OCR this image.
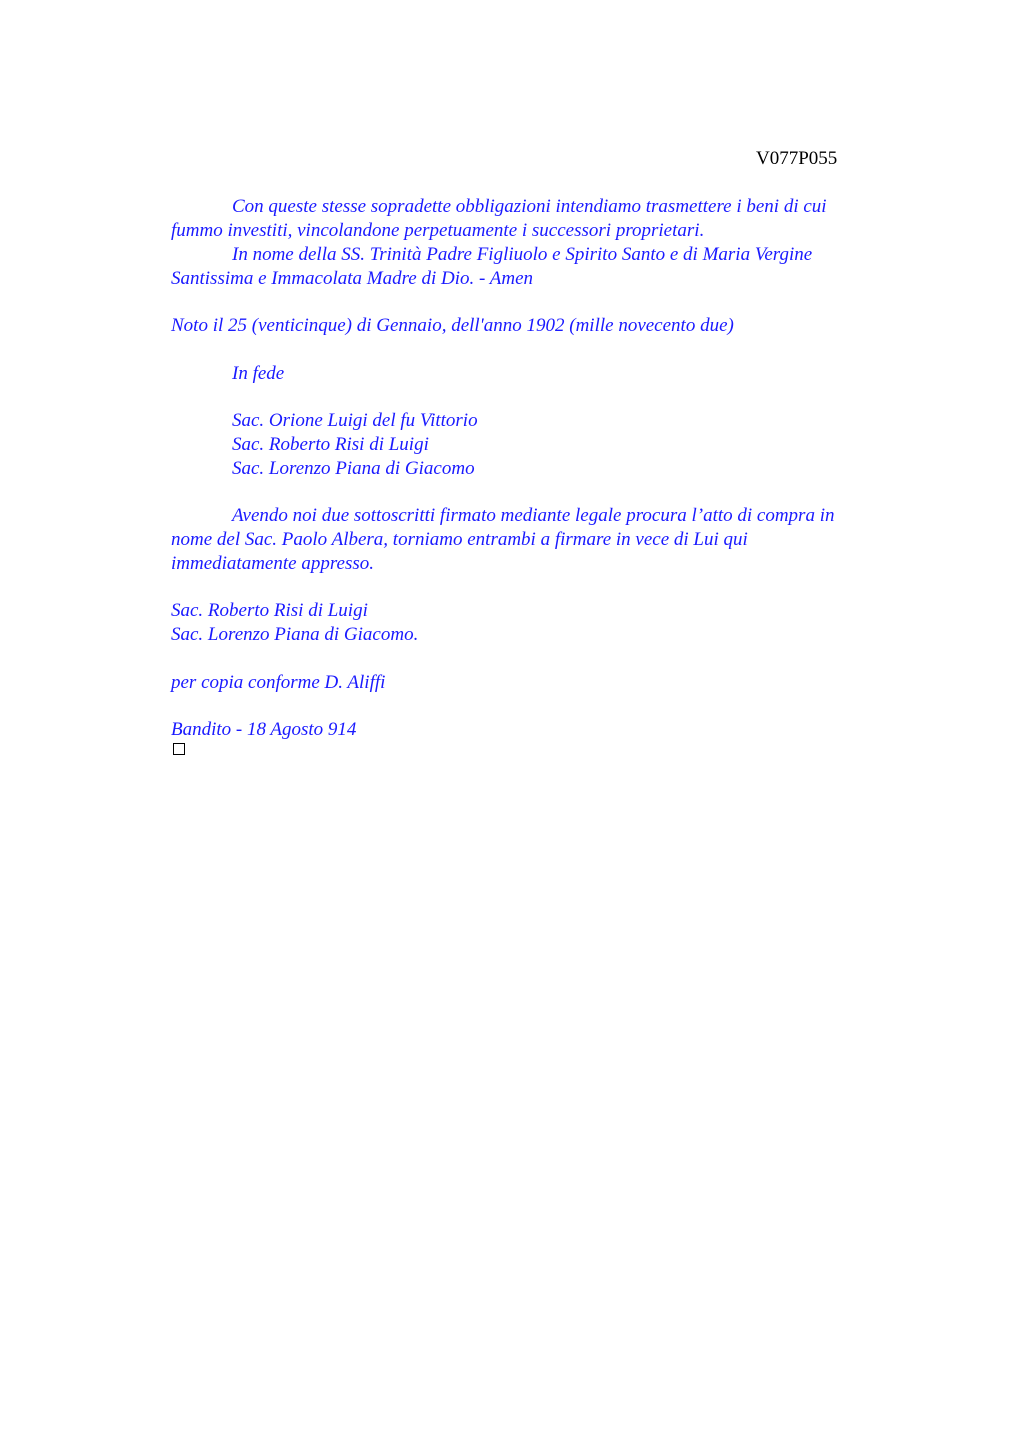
V077P055
Con queste stesse sopradette obbligazioni intendiamo trasmettere i beni di cui
fummo investiti, vincolandone perpetuamente i successori proprietari.
In nome della SS. Trinità Padre Figliuolo e Spirito Santo e di Maria Vergine
Santissima e Immacolata Madre di Dio. - Amen
Noto il 25 (venticinque) di Gennaio, dell'anno 1902 (mille novecento due)
In fede
Sac. Orione Luigi del fu Vittorio
Sac. Roberto Risi di Luigi
Sac. Lorenzo Piana di Giacomo
Avendo noi due sottoscritti firmato mediante legale procura l’atto di compra in
nome del Sac. Paolo Albera, torniamo entrambi a firmare in vece di Lui qui
immediatamente appresso.
Sac. Roberto Risi di Luigi
Sac. Lorenzo Piana di Giacomo.
per copia conforme D. Aliffi
Bandito - 18 Agosto 914
